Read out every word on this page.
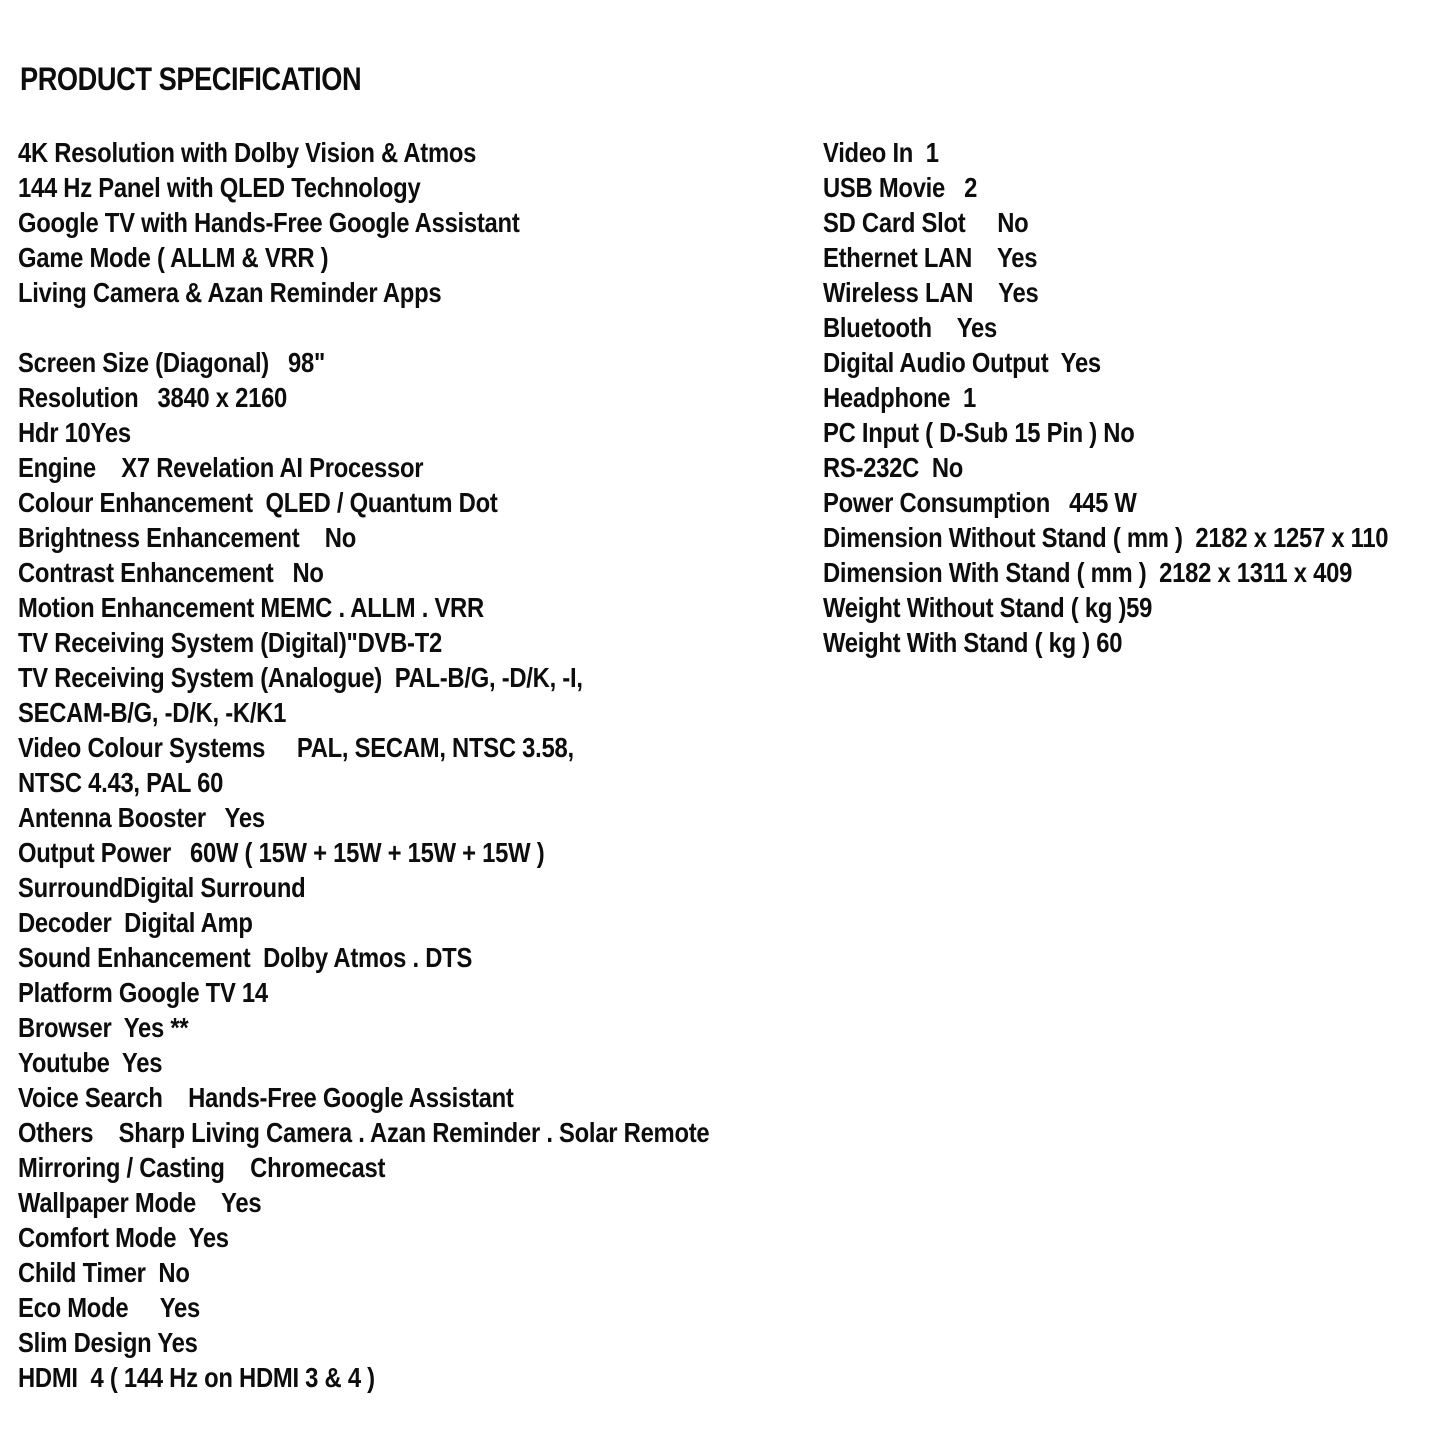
PRODUCT SPECIFICATION
4K Resolution with Dolby Vision & Atmos
144 Hz Panel with QLED Technology
Google TV with Hands-Free Google Assistant
Game Mode ( ALLM & VRR )
Living Camera & Azan Reminder Apps

Screen Size (Diagonal)   98"
Resolution   3840 x 2160
Hdr 10Yes
Engine    X7 Revelation AI Processor
Colour Enhancement  QLED / Quantum Dot
Brightness Enhancement    No
Contrast Enhancement   No
Motion Enhancement MEMC . ALLM . VRR
TV Receiving System (Digital)"DVB-T2
TV Receiving System (Analogue)  PAL-B/G, -D/K, -I,
SECAM-B/G, -D/K, -K/K1
Video Colour Systems     PAL, SECAM, NTSC 3.58,
NTSC 4.43, PAL 60
Antenna Booster   Yes
Output Power   60W ( 15W + 15W + 15W + 15W )
SurroundDigital Surround
Decoder  Digital Amp
Sound Enhancement  Dolby Atmos . DTS
Platform Google TV 14
Browser  Yes **
Youtube  Yes
Voice Search    Hands-Free Google Assistant
Others    Sharp Living Camera . Azan Reminder . Solar Remote
Mirroring / Casting    Chromecast
Wallpaper Mode    Yes
Comfort Mode  Yes
Child Timer  No
Eco Mode     Yes
Slim Design Yes
HDMI  4 ( 144 Hz on HDMI 3 & 4 )
Video In  1
USB Movie   2
SD Card Slot     No
Ethernet LAN    Yes
Wireless LAN    Yes
Bluetooth    Yes
Digital Audio Output  Yes
Headphone  1
PC Input ( D-Sub 15 Pin ) No
RS-232C  No
Power Consumption   445 W
Dimension Without Stand ( mm )  2182 x 1257 x 110
Dimension With Stand ( mm )  2182 x 1311 x 409
Weight Without Stand ( kg )59
Weight With Stand ( kg ) 60
